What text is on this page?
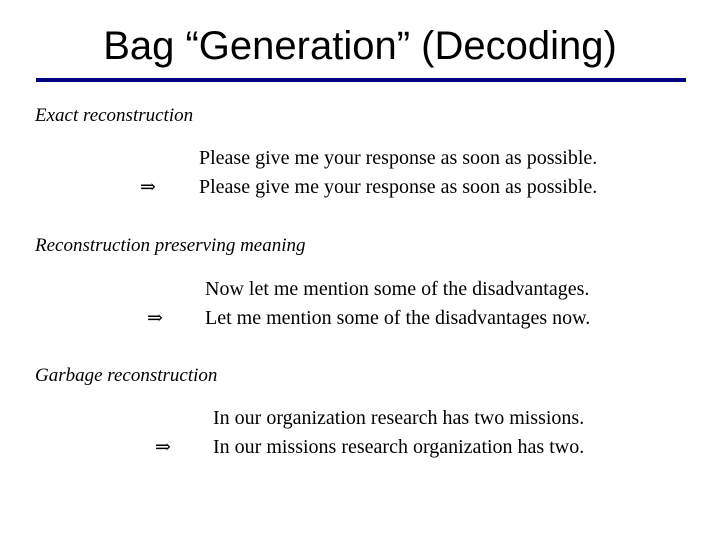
Bag “Generation” (Decoding)
Exact reconstruction
Please give me your response as soon as possible.
⇒ Please give me your response as soon as possible.
Reconstruction preserving meaning
Now let me mention some of the disadvantages.
⇒ Let me mention some of the disadvantages now.
Garbage reconstruction
In our organization research has two missions.
⇒ In our missions research organization has two.
